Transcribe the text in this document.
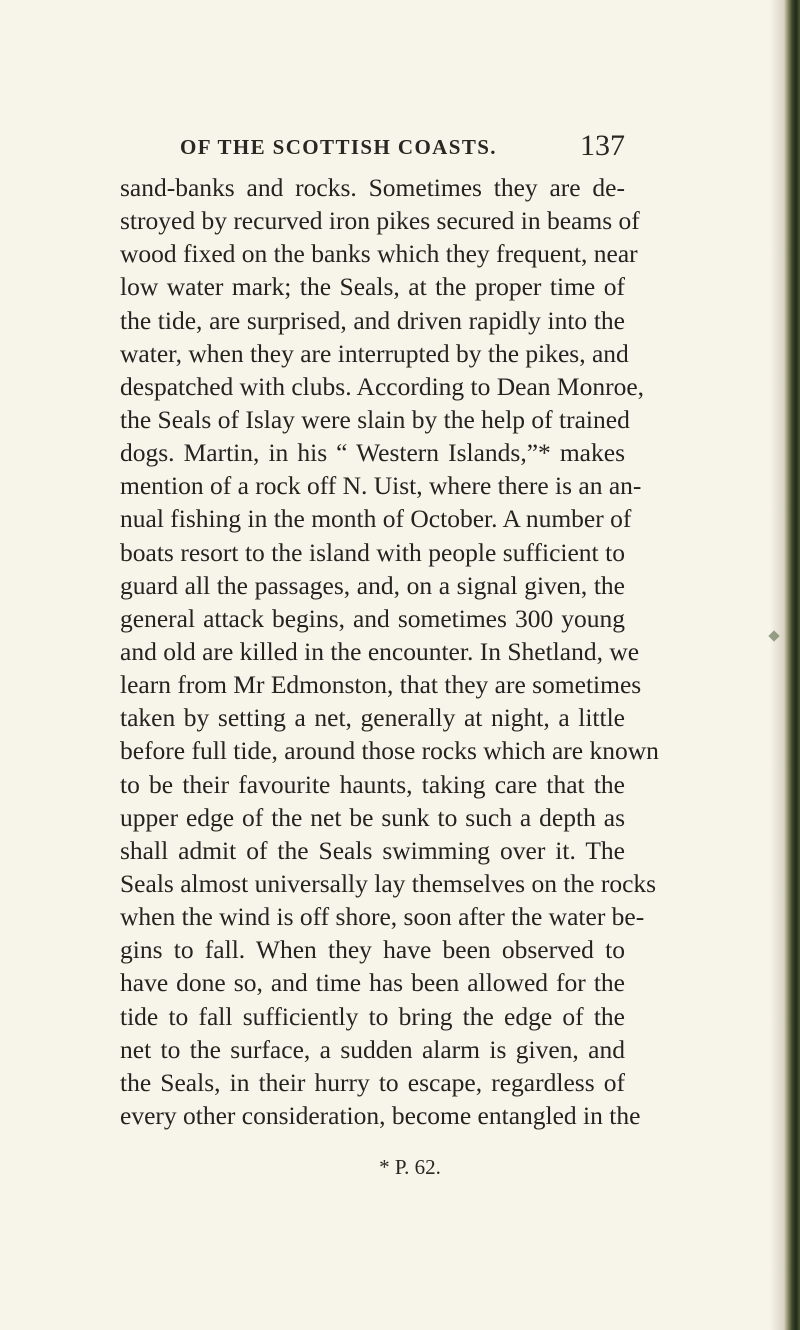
OF THE SCOTTISH COASTS.	137
sand-banks and rocks. Sometimes they are de-
stroyed by recurved iron pikes secured in beams of
wood fixed on the banks which they frequent, near
low water mark; the Seals, at the proper time of
the tide, are surprised, and driven rapidly into the
water, when they are interrupted by the pikes, and
despatched with clubs. According to Dean Monroe,
the Seals of Islay were slain by the help of trained
dogs. Martin, in his “ Western Islands,”* makes
mention of a rock off N. Uist, where there is an an-
nual fishing in the month of October. A number of
boats resort to the island with people sufficient to
guard all the passages, and, on a signal given, the
general attack begins, and sometimes 300 young
and old are killed in the encounter. In Shetland, we
learn from Mr Edmonston, that they are sometimes
taken by setting a net, generally at night, a little
before full tide, around those rocks which are known
to be their favourite haunts, taking care that the
upper edge of the net be sunk to such a depth as
shall admit of the Seals swimming over it. The
Seals almost universally lay themselves on the rocks
when the wind is off shore, soon after the water be-
gins to fall. When they have been observed to
have done so, and time has been allowed for the
tide to fall sufficiently to bring the edge of the
net to the surface, a sudden alarm is given, and
the Seals, in their hurry to escape, regardless of
every other consideration, become entangled in the
* P. 62.
